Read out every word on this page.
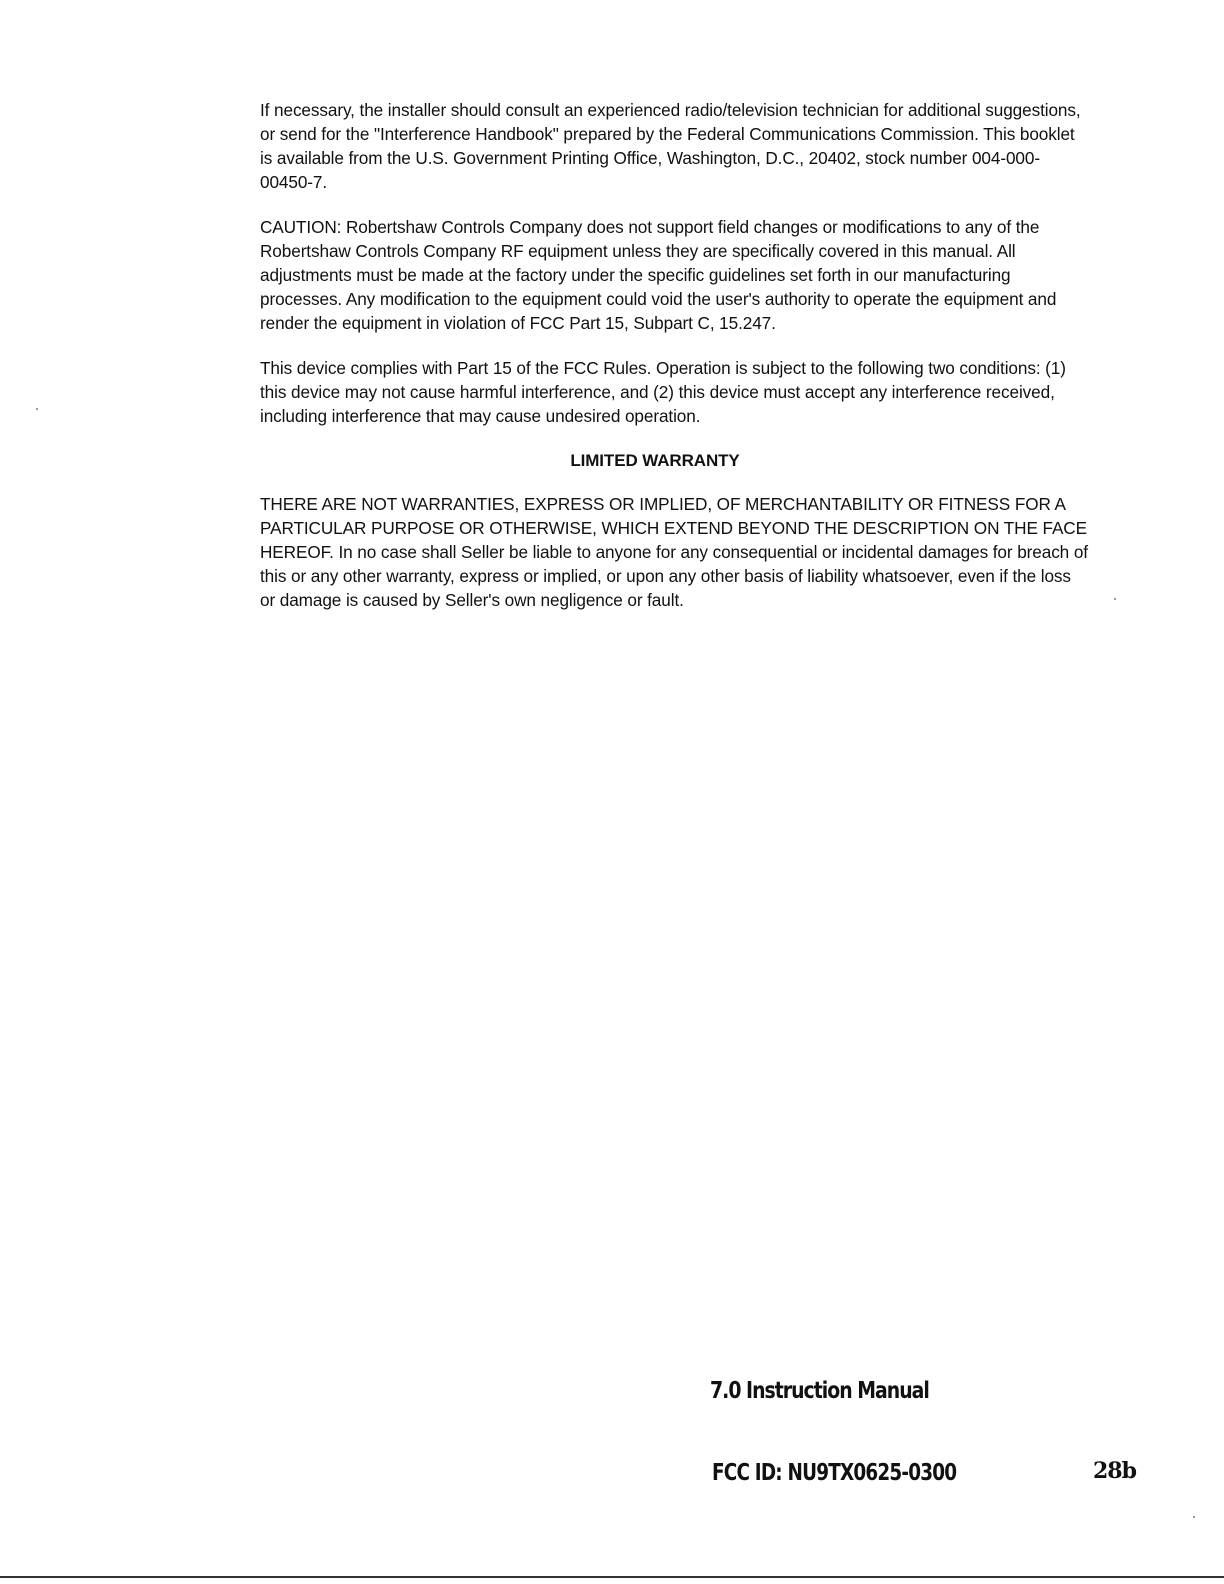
If necessary, the installer should consult an experienced radio/television technician for additional suggestions, or send for the "Interference Handbook" prepared by the Federal Communications Commission. This booklet is available from the U.S. Government Printing Office, Washington, D.C., 20402, stock number 004-000-00450-7.

CAUTION: Robertshaw Controls Company does not support field changes or modifications to any of the Robertshaw Controls Company RF equipment unless they are specifically covered in this manual. All adjustments must be made at the factory under the specific guidelines set forth in our manufacturing processes. Any modification to the equipment could void the user's authority to operate the equipment and render the equipment in violation of FCC Part 15, Subpart C, 15.247.

This device complies with Part 15 of the FCC Rules. Operation is subject to the following two conditions: (1) this device may not cause harmful interference, and (2) this device must accept any interference received, including interference that may cause undesired operation.

LIMITED WARRANTY

THERE ARE NOT WARRANTIES, EXPRESS OR IMPLIED, OF MERCHANTABILITY OR FITNESS FOR A PARTICULAR PURPOSE OR OTHERWISE, WHICH EXTEND BEYOND THE DESCRIPTION ON THE FACE HEREOF. In no case shall Seller be liable to anyone for any consequential or incidental damages for breach of this or any other warranty, express or implied, or upon any other basis of liability whatsoever, even if the loss or damage is caused by Seller's own negligence or fault.

7.0 Instruction Manual
FCC ID: NU9TX0625-0300	28b
